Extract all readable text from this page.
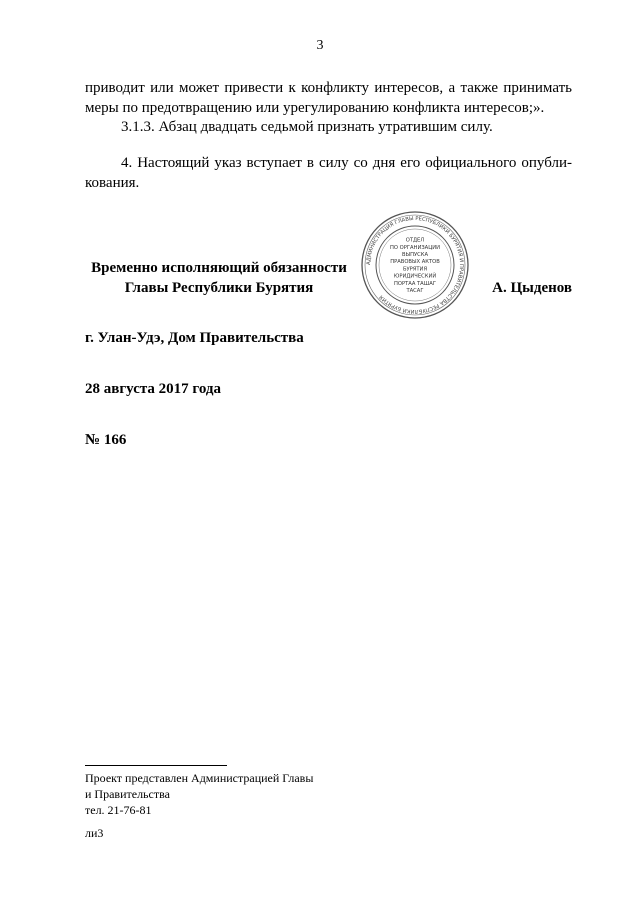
3
приводит или может привести к конфликту интересов, а также принимать меры по предотвращению или урегулированию конфликта интересов;».
3.1.3. Абзац двадцать седьмой признать утратившим силу.
4. Настоящий указ вступает в силу со дня его официального опубли-кования.
Временно исполняющий обязанности
Главы Республики Бурятия
АДМИНИСТРАЦИЯ ГЛАВЫ РЕСПУБЛИКИ БУРЯТИЯ И ПРАВИТЕЛЬСТВА РЕСПУБЛИКИ БУРЯТИЯ
ОТДЕЛ
ПО ОРГАНИЗАЦИИ
ВЫПУСКА
ПРАВОВЫХ АКТОВ
БУРЯТИЯ
ЮРИДИЧЕСКИЙ
ПОРТАА ТАШАГ
ТАСАГ	А. Цыденов
г. Улан-Удэ, Дом Правительства
28 августа 2017 года
№ 166
Проект представлен Администрацией Главы
и Правительства
тел. 21-76-81
ли3
